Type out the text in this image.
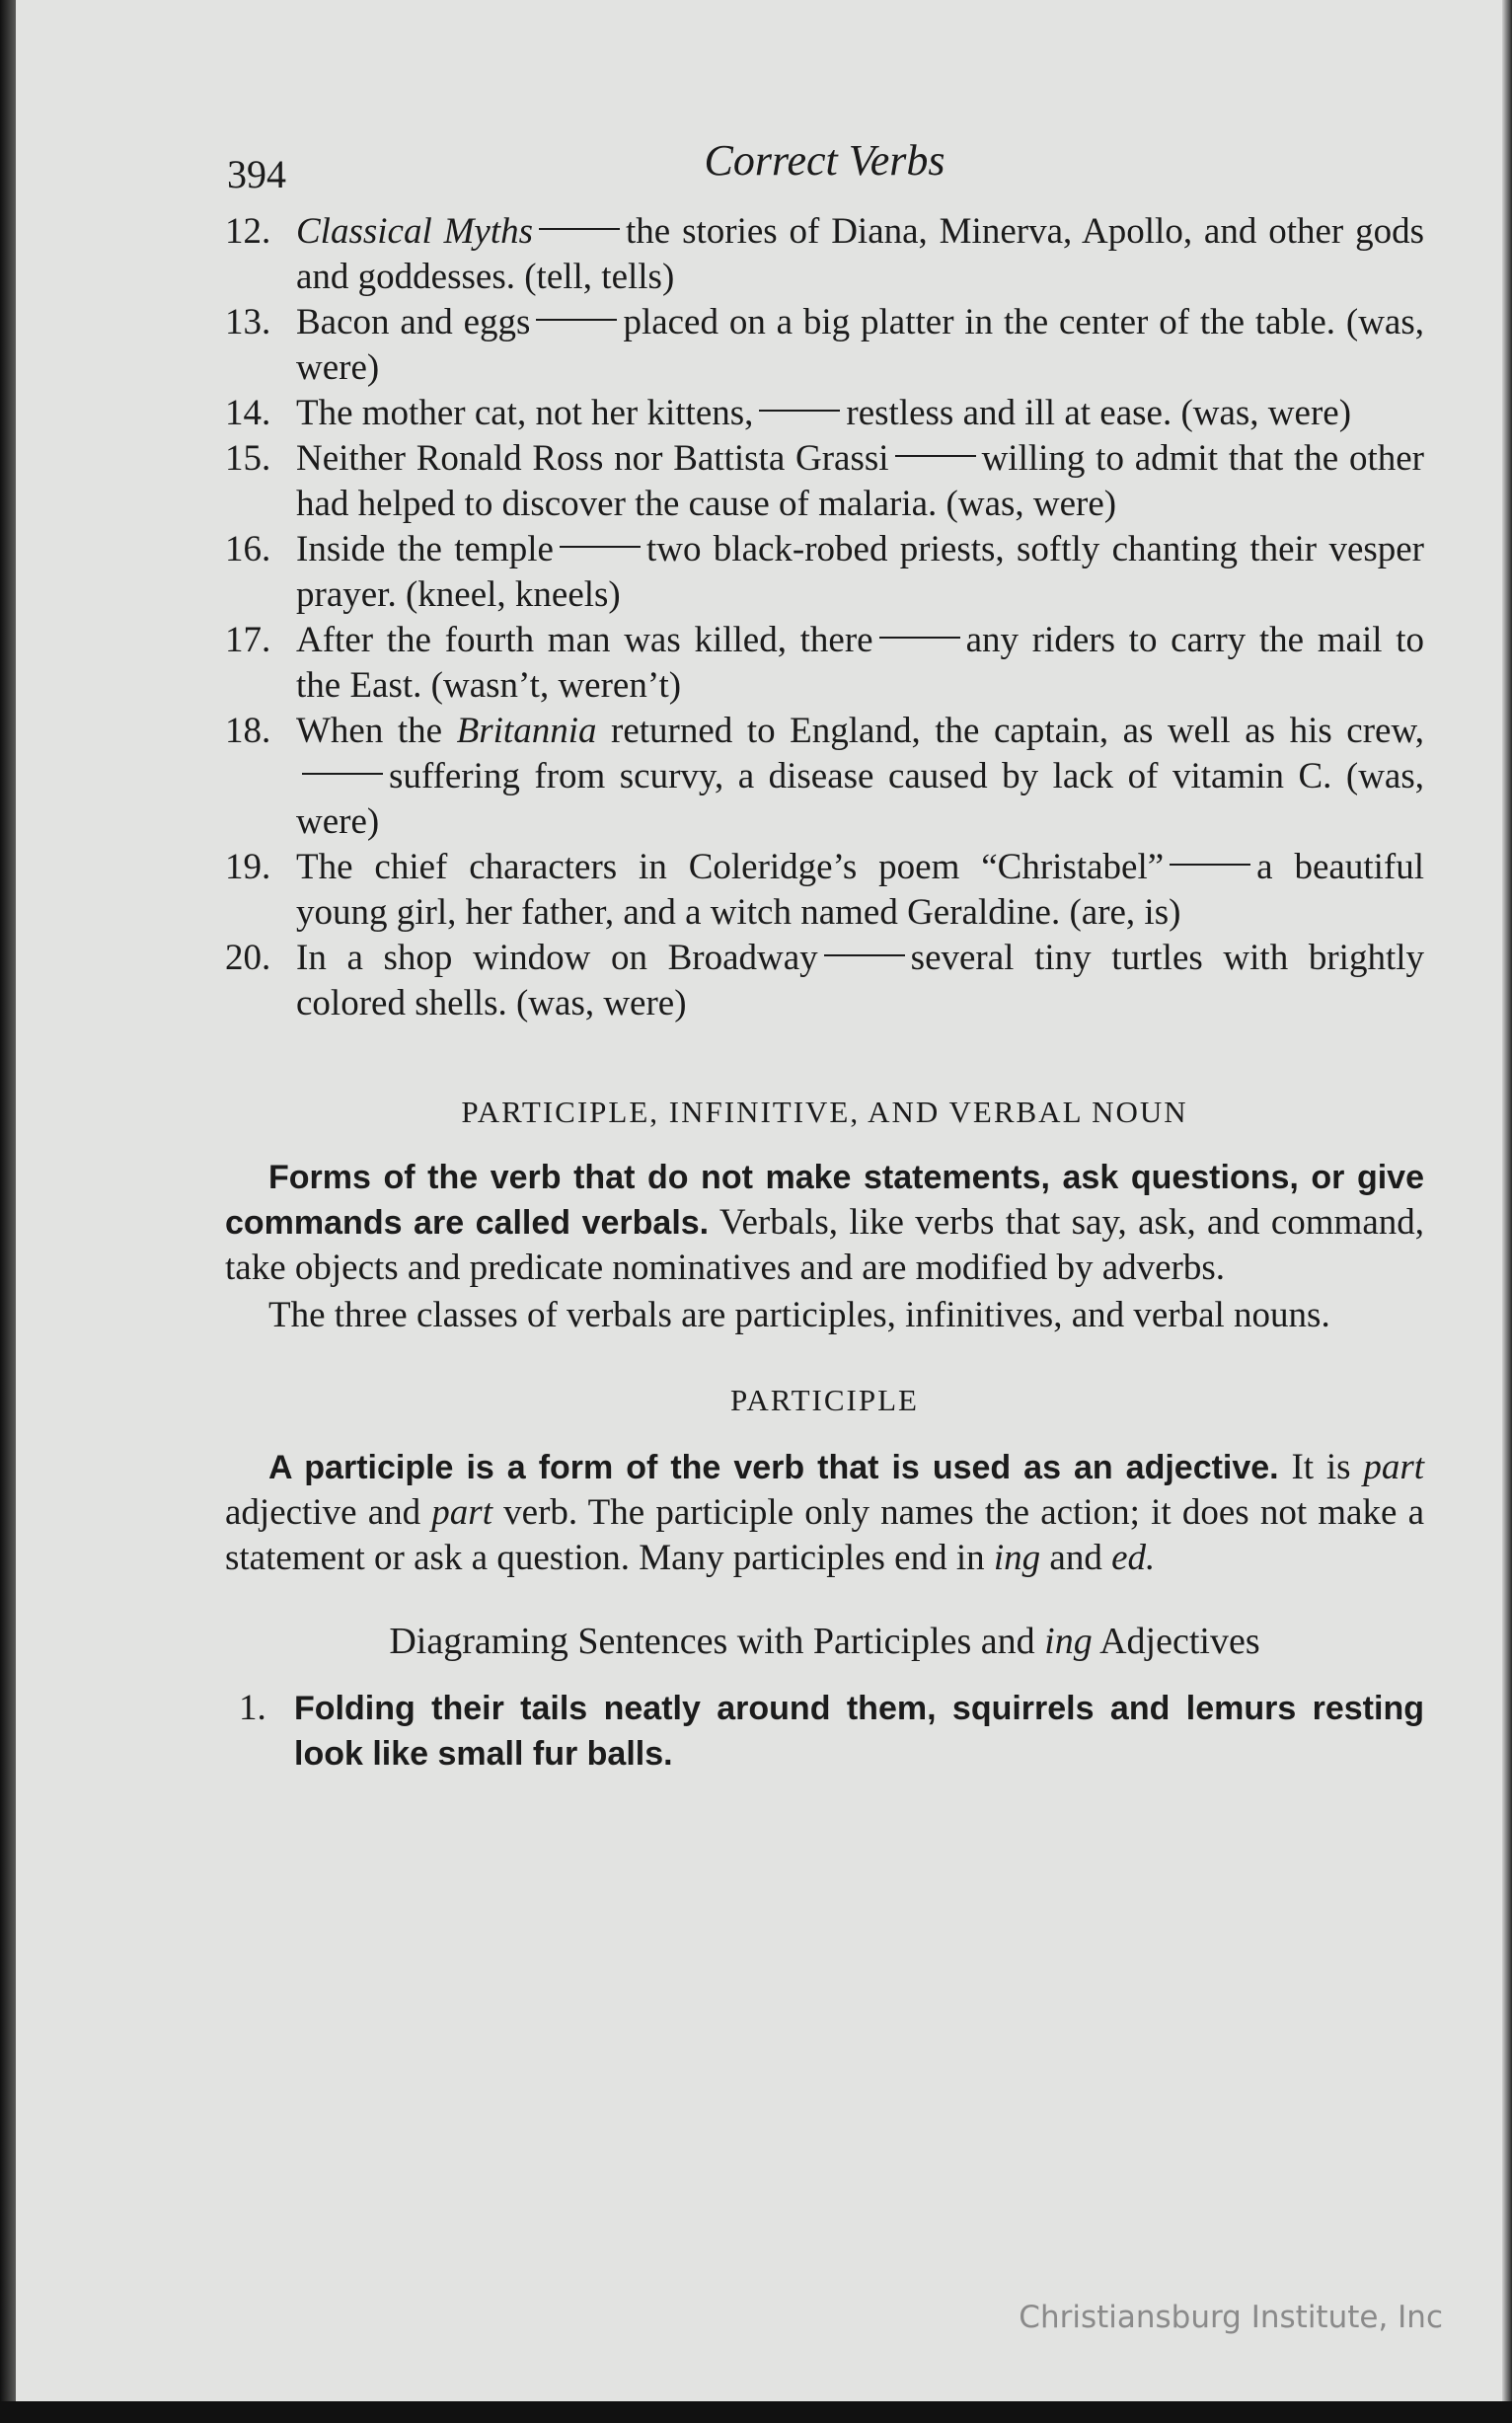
394	Correct Verbs
12. Classical Myths	the stories of Diana, Minerva, Apollo, and other gods and goddesses. (tell, tells)
13. Bacon and eggs	placed on a big platter in the center of the table. (was, were)
14. The mother cat, not her kittens,	restless and ill at ease. (was, were)
15. Neither Ronald Ross nor Battista Grassi	willing to admit that the other had helped to discover the cause of malaria. (was, were)
16. Inside the temple	two black-robed priests, softly chanting their vesper prayer. (kneel, kneels)
17. After the fourth man was killed, there	any riders to carry the mail to the East. (wasn’t, weren’t)
18. When the Britannia returned to England, the captain, as well as his crew,suffering from scurvy, a disease caused by lack of vitamin C. (was, were)
19. The chief characters in Coleridge’s poem “Christabel”	a beautiful young girl, her father, and a witch named Geraldine. (are, is)
20. In a shop window on Broadway	several tiny turtles with brightly colored shells. (was, were)
PARTICIPLE, INFINITIVE, AND VERBAL NOUN

Forms of the verb that do not make statements, ask questions, or give commands are called verbals. Verbals, like verbs that say, ask, and command, take objects and predicate nominatives and are modified by adverbs.

The three classes of verbals are participles, infinitives, and verbal nouns.

PARTICIPLE

A participle is a form of the verb that is used as an adjective. It is part adjective and part verb. The participle only names the action; it does not make a statement or ask a question. Many participles end in ing and ed.

Diagraming Sentences with Participles and ing Adjectives
1. Folding their tails neatly around them, squirrels and lemurs resting look like small fur balls.
Christiansburg Institute, Inc
